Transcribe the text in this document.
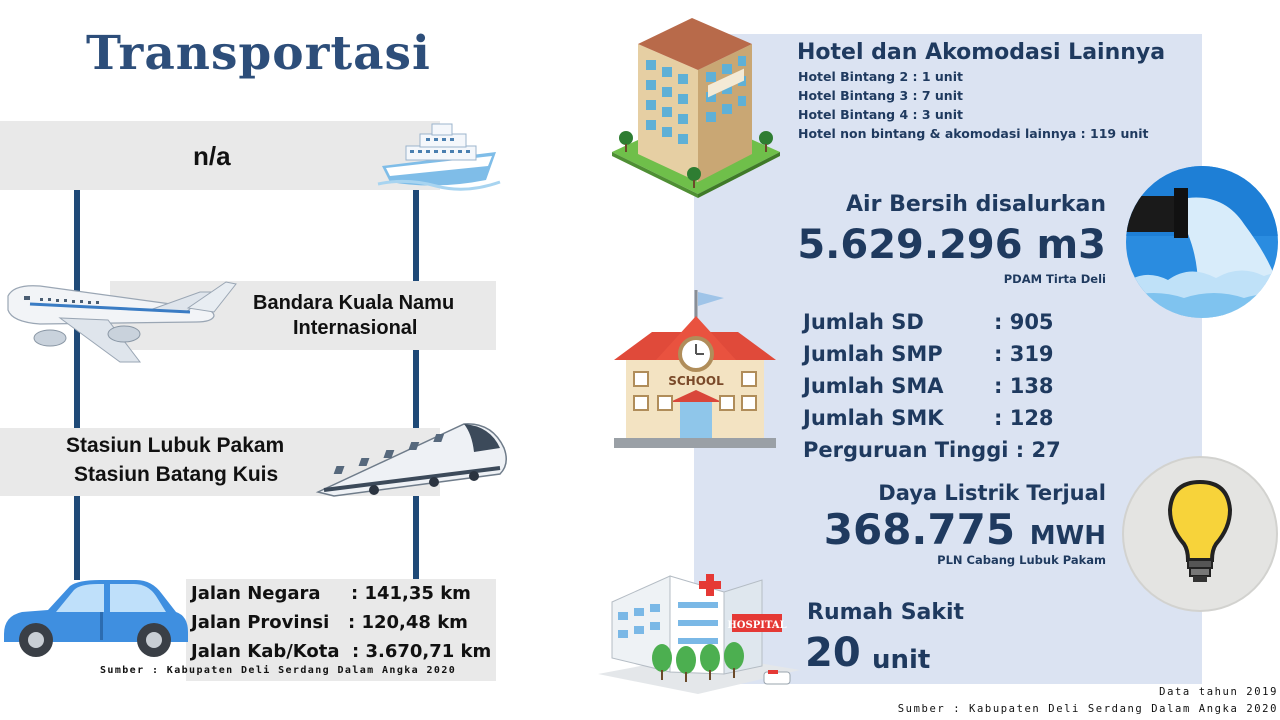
Transportasi
n/a
Bandara Kuala Namu
Internasional
Stasiun Lubuk Pakam
Stasiun Batang Kuis
Jalan Negara : 141,35 km
Jalan Provinsi : 120,48 km
Jalan Kab/Kota : 3.670,71 km
Sumber : Kabupaten Deli Serdang Dalam Angka 2020
Hotel dan Akomodasi Lainnya
Hotel Bintang 2 : 1 unit
Hotel Bintang 3 : 7 unit
Hotel Bintang 4 : 3 unit
Hotel non bintang & akomodasi lainnya : 119 unit
Air Bersih disalurkan
5.629.296 m3
PDAM Tirta Deli
SCHOOL
Jumlah SD	: 905
Jumlah SMP : 319
Jumlah SMA : 138
Jumlah SMK : 128
Perguruan Tinggi : 27
Daya Listrik Terjual
368.775 MWH
PLN Cabang Lubuk Pakam
HOSPITAL
Rumah Sakit
20 unit
Data tahun 2019
Sumber : Kabupaten Deli Serdang Dalam Angka 2020
